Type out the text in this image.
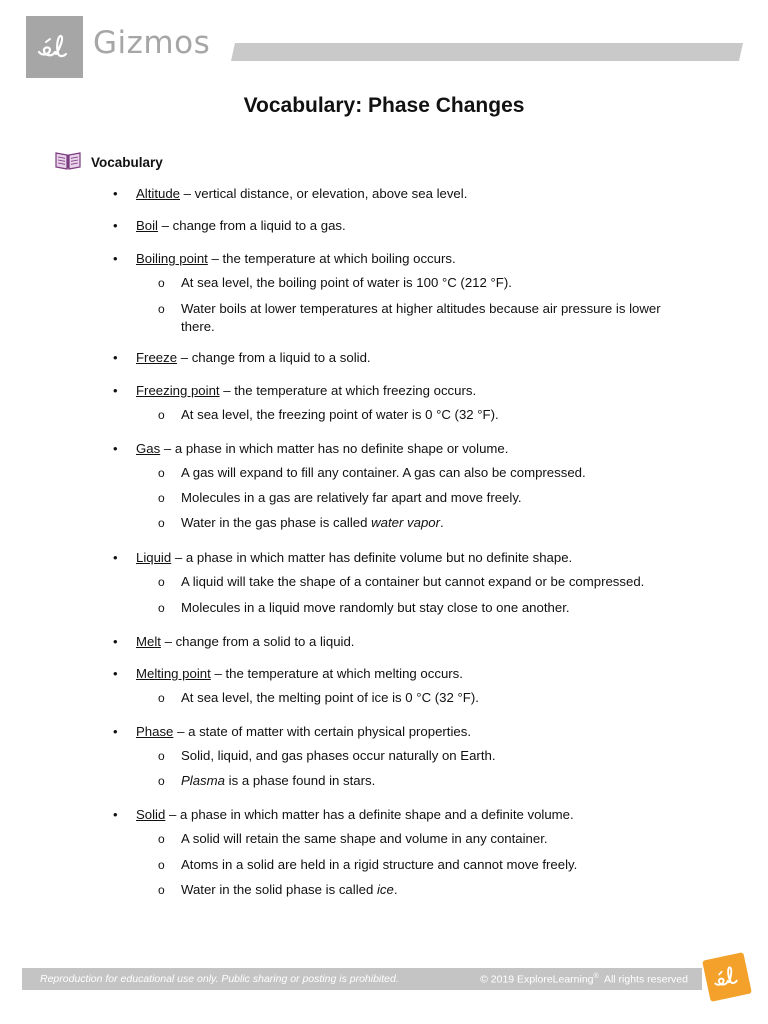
Gizmos
Vocabulary: Phase Changes
Vocabulary
• Altitude – vertical distance, or elevation, above sea level.
• Boil – change from a liquid to a gas.
• Boiling point – the temperature at which boiling occurs.
o At sea level, the boiling point of water is 100 °C (212 °F).
o Water boils at lower temperatures at higher altitudes because air pressure is lower there.
• Freeze – change from a liquid to a solid.
• Freezing point – the temperature at which freezing occurs.
o At sea level, the freezing point of water is 0 °C (32 °F).
• Gas – a phase in which matter has no definite shape or volume.
o A gas will expand to fill any container. A gas can also be compressed.
o Molecules in a gas are relatively far apart and move freely.
o Water in the gas phase is called water vapor.
• Liquid – a phase in which matter has definite volume but no definite shape.
o A liquid will take the shape of a container but cannot expand or be compressed.
o Molecules in a liquid move randomly but stay close to one another.
• Melt – change from a solid to a liquid.
• Melting point – the temperature at which melting occurs.
o At sea level, the melting point of ice is 0 °C (32 °F).
• Phase – a state of matter with certain physical properties.
o Solid, liquid, and gas phases occur naturally on Earth.
o Plasma is a phase found in stars.
• Solid – a phase in which matter has a definite shape and a definite volume.
o A solid will retain the same shape and volume in any container.
o Atoms in a solid are held in a rigid structure and cannot move freely.
o Water in the solid phase is called ice.
Reproduction for educational use only. Public sharing or posting is prohibited.	© 2019 ExploreLearning®  All rights reserved
